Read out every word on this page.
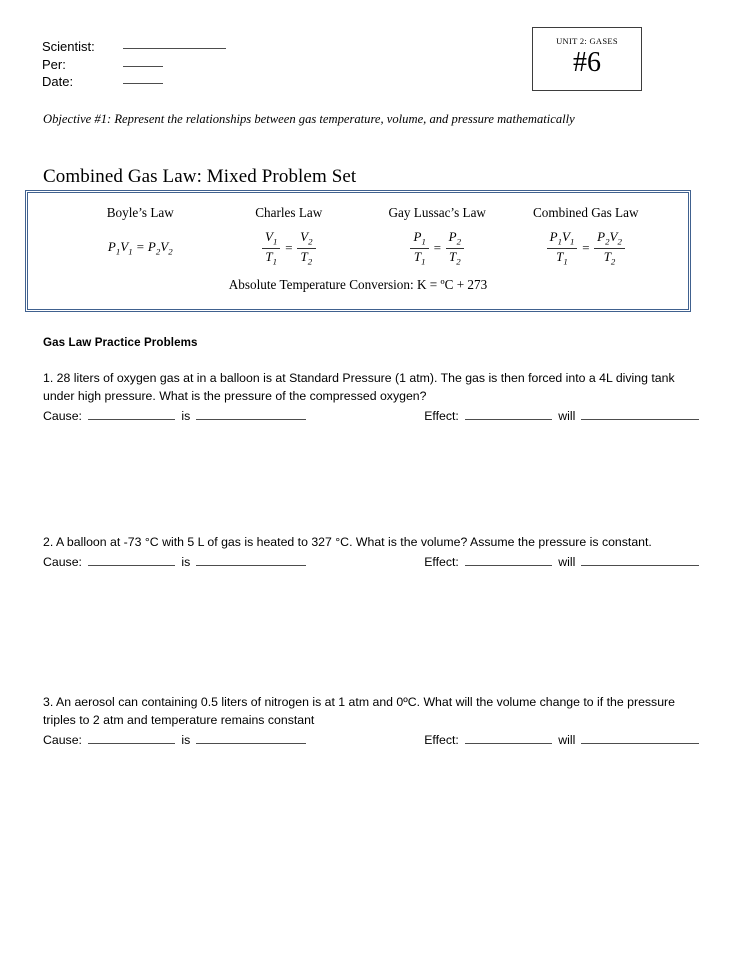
Scientist:	
Per:	
Date:	
UNIT 2: GASES
#6
Objective #1: Represent the relationships between gas temperature, volume, and pressure mathematically
Combined Gas Law: Mixed Problem Set
Boyle’s Law
$P_1V_1 = P_2V_2$
Charles Law
$\frac{V_1}{T_1} = \frac{V_2}{T_2}$
Gay Lussac’s Law
$\frac{P_1}{T_1} = \frac{P_2}{T_2}$
Combined Gas Law
$\frac{P_1V_1}{T_1} = \frac{P_2V_2}{T_2}$
Absolute Temperature Conversion: K = ºC + 273
Gas Law Practice Problems

1. 28 liters of oxygen gas at in a balloon is at Standard Pressure (1 atm). The gas is then forced into a 4L diving tank under high pressure. What is the pressure of the compressed oxygen?

Cause:	is	Effect:	will

2. A balloon at -73 °C with 5 L of gas is heated to 327 °C. What is the volume? Assume the pressure is constant.

Cause:	is	Effect:	will

3. An aerosol can containing 0.5 liters of nitrogen is at 1 atm and 0ºC. What will the volume change to if the pressure triples to 2 atm and temperature remains constant

Cause:	is	Effect:	will
